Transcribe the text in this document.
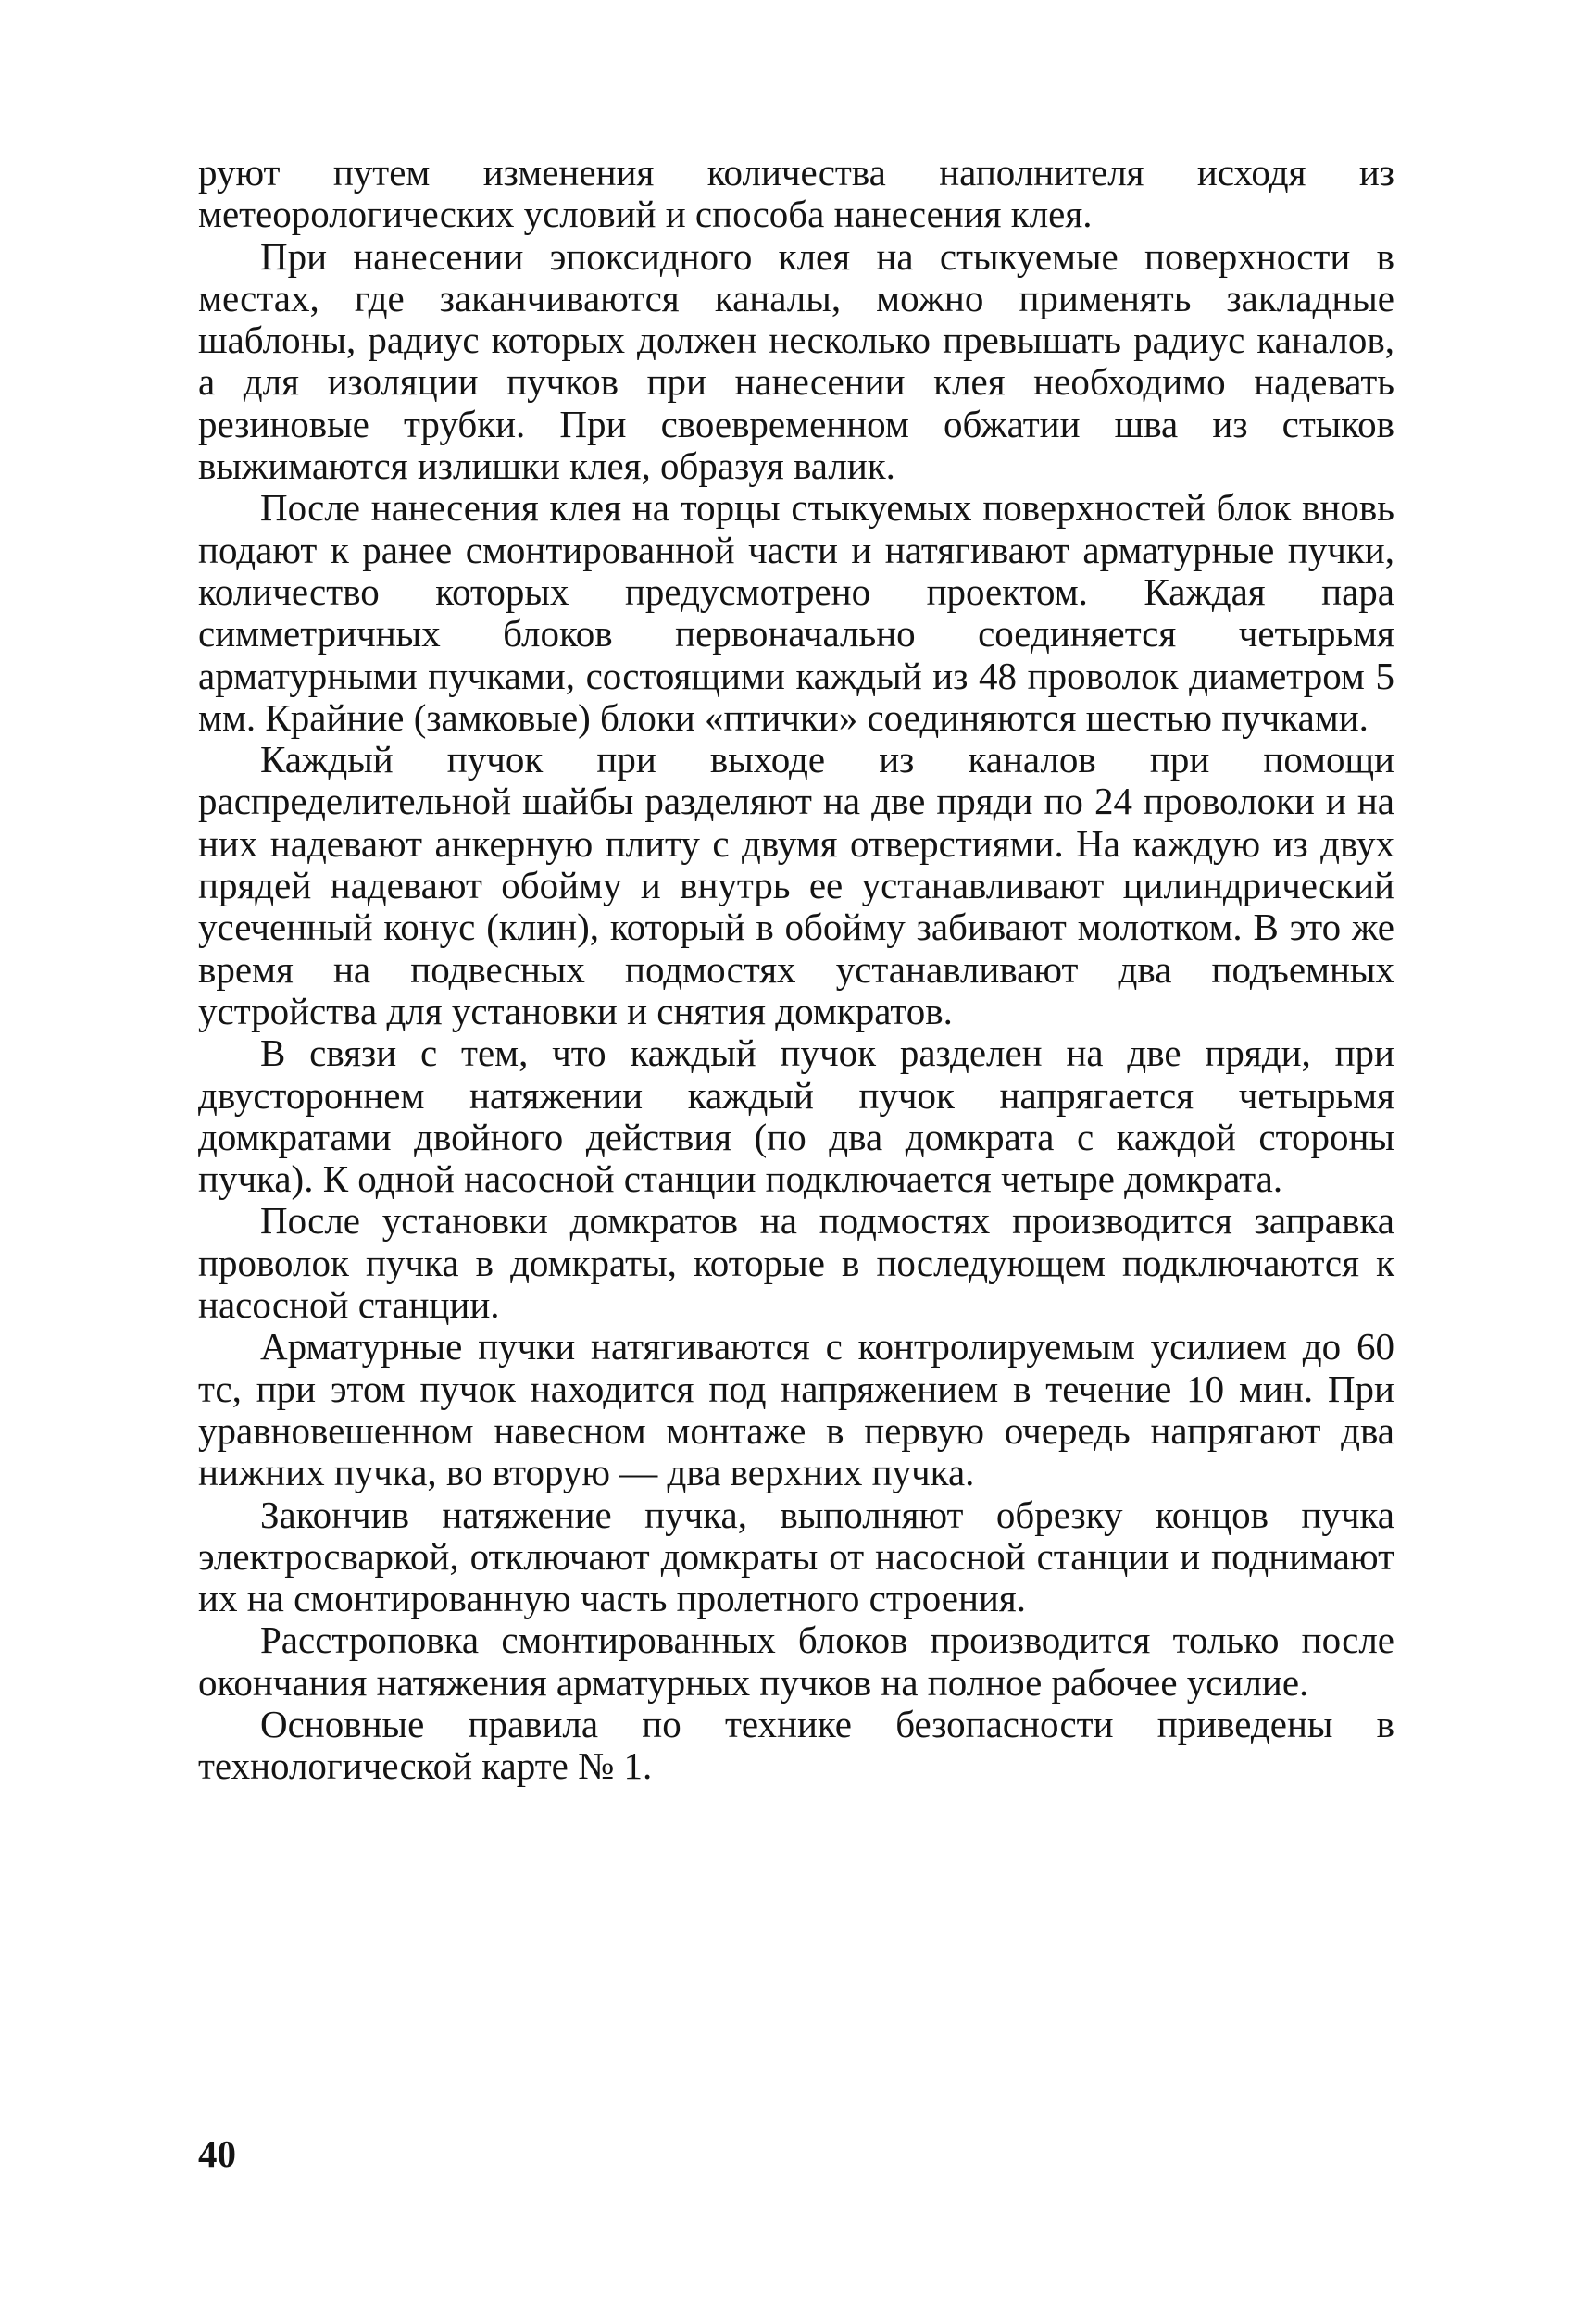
руют путем изменения количества наполнителя исходя из метеорологических условий и способа нанесения клея.

При нанесении эпоксидного клея на стыкуемые поверхности в местах, где заканчиваются каналы, можно применять закладные шаблоны, радиус которых должен несколько превышать радиус каналов, а для изоляции пучков при нанесении клея необходимо надевать резиновые трубки. При своевременном обжатии шва из стыков выжимаются излишки клея, образуя валик.

После нанесения клея на торцы стыкуемых поверхностей блок вновь подают к ранее смонтированной части и натягивают арматурные пучки, количество которых предусмотрено проектом. Каждая пара симметричных блоков первоначально соединяется четырьмя арматурными пучками, состоящими каждый из 48 проволок диаметром 5 мм. Крайние (замковые) блоки «птички» соединяются шестью пучками.

Каждый пучок при выходе из каналов при помощи распределительной шайбы разделяют на две пряди по 24 проволоки и на них надевают анкерную плиту с двумя отверстиями. На каждую из двух прядей надевают обойму и внутрь ее устанавливают цилиндрический усеченный конус (клин), который в обойму забивают молотком. В это же время на подвесных подмостях устанавливают два подъемных устройства для установки и снятия домкратов.

В связи с тем, что каждый пучок разделен на две пряди, при двустороннем натяжении каждый пучок напрягается четырьмя домкратами двойного действия (по два домкрата с каждой стороны пучка). К одной насосной станции подключается четыре домкрата.

После установки домкратов на подмостях производится заправка проволок пучка в домкраты, которые в последующем подключаются к насосной станции.

Арматурные пучки натягиваются с контролируемым усилием до 60 тс, при этом пучок находится под напряжением в течение 10 мин. При уравновешенном навесном монтаже в первую очередь напрягают два нижних пучка, во вторую — два верхних пучка.

Закончив натяжение пучка, выполняют обрезку концов пучка электросваркой, отключают домкраты от насосной станции и поднимают их на смонтированную часть пролетного строения.

Расстроповка смонтированных блоков производится только после окончания натяжения арматурных пучков на полное рабочее усилие.

Основные правила по технике безопасности приведены в технологической карте № 1.

40
